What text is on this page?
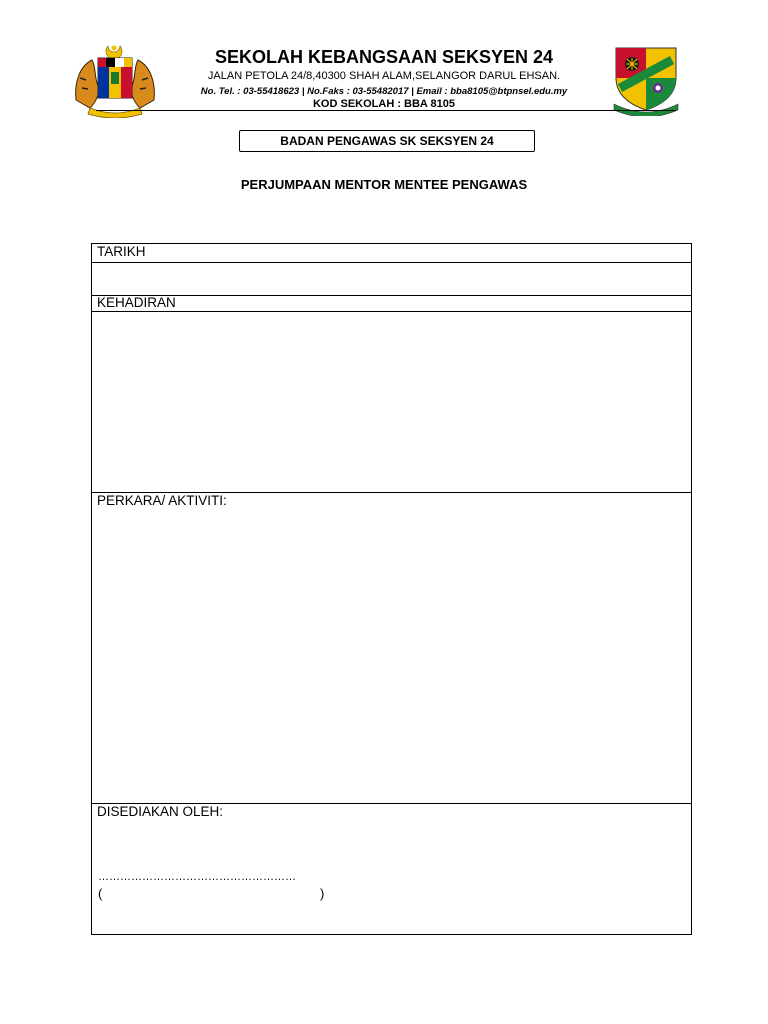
SEKOLAH KEBANGSAAN SEKSYEN 24
JALAN PETOLA 24/8,40300 SHAH ALAM,SELANGOR DARUL EHSAN.
No. Tel. : 03-55418623 | No.Faks : 03-55482017 | Email : bba8105@btpnsel.edu.my
KOD SEKOLAH : BBA 8105
BADAN PENGAWAS SK SEKSYEN 24
PERJUMPAAN MENTOR MENTEE PENGAWAS
TARIKH
KEHADIRAN
PERKARA/ AKTIVITI:
DISEDIAKAN OLEH:
………………………………………………
(	)
